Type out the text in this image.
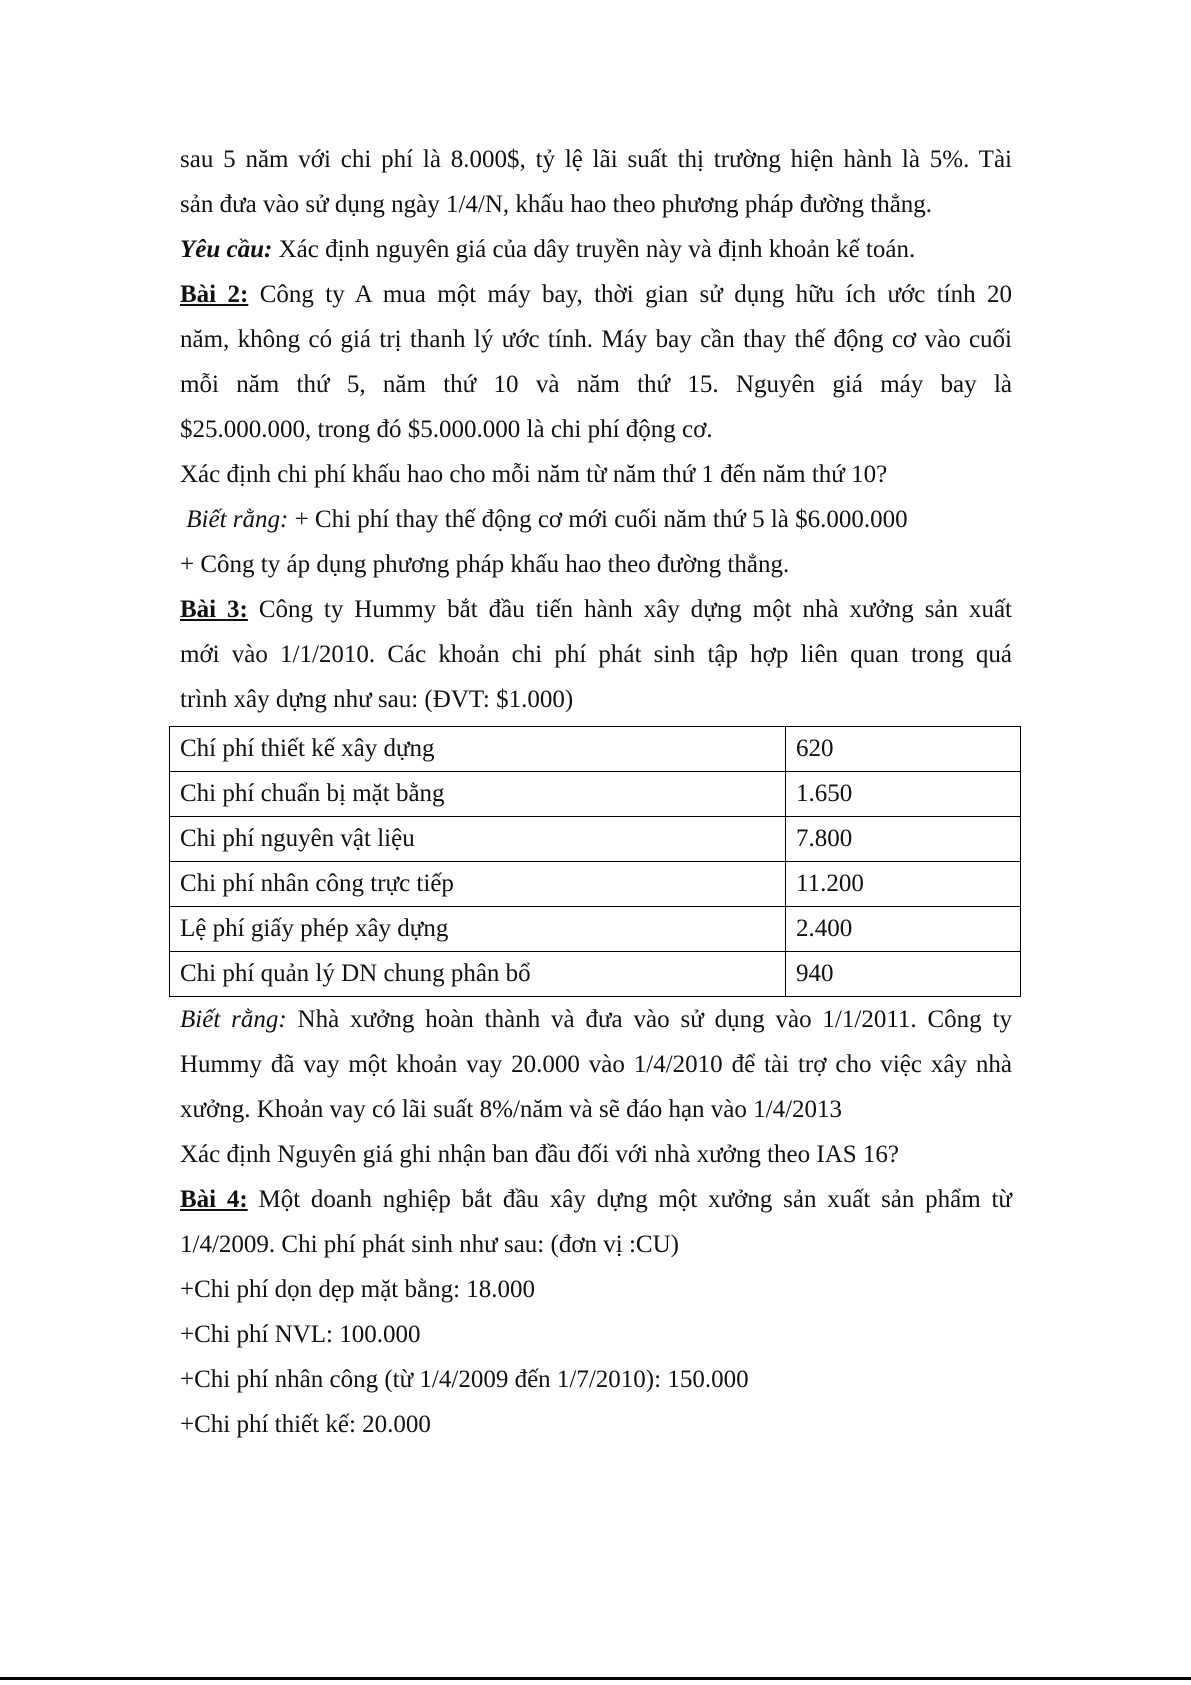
sau 5 năm với chi phí là 8.000$, tỷ lệ lãi suất thị trường hiện hành là 5%. Tài

sản đưa vào sử dụng ngày 1/4/N, khấu hao theo phương pháp đường thẳng.

Yêu cầu: Xác định nguyên giá của dây truyền này và định khoản kế toán.

Bài 2: Công ty A mua một máy bay, thời gian sử dụng hữu ích ước tính 20

năm, không có giá trị thanh lý ước tính. Máy bay cần thay thế động cơ vào cuối

mỗi năm thứ 5, năm thứ 10 và năm thứ 15. Nguyên giá máy bay là

$25.000.000, trong đó $5.000.000 là chi phí động cơ.

Xác định chi phí khấu hao cho mỗi năm từ năm thứ 1 đến năm thứ 10?

Biết rằng: + Chi phí thay thế động cơ mới cuối năm thứ 5 là $6.000.000

+ Công ty áp dụng phương pháp khấu hao theo đường thẳng.

Bài 3: Công ty Hummy bắt đầu tiến hành xây dựng một nhà xưởng sản xuất

mới vào 1/1/2010. Các khoản chi phí phát sinh tập hợp liên quan trong quá

trình xây dựng như sau: (ĐVT: $1.000)

Chí phí thiết kế xây dựng	620
Chi phí chuẩn bị mặt bằng	1.650
Chi phí nguyên vật liệu	7.800
Chi phí nhân công trực tiếp	11.200
Lệ phí giấy phép xây dựng	2.400
Chi phí quản lý DN chung phân bổ	940

Biết rằng: Nhà xưởng hoàn thành và đưa vào sử dụng vào 1/1/2011. Công ty

Hummy đã vay một khoản vay 20.000 vào 1/4/2010 để tài trợ cho việc xây nhà

xưởng. Khoản vay có lãi suất 8%/năm và sẽ đáo hạn vào 1/4/2013

Xác định Nguyên giá ghi nhận ban đầu đối với nhà xưởng theo IAS 16?

Bài 4: Một doanh nghiệp bắt đầu xây dựng một xưởng sản xuất sản phẩm từ

1/4/2009. Chi phí phát sinh như sau: (đơn vị :CU)

+Chi phí dọn dẹp mặt bằng: 18.000

+Chi phí NVL: 100.000

+Chi phí nhân công (từ 1/4/2009 đến 1/7/2010): 150.000

+Chi phí thiết kế: 20.000
